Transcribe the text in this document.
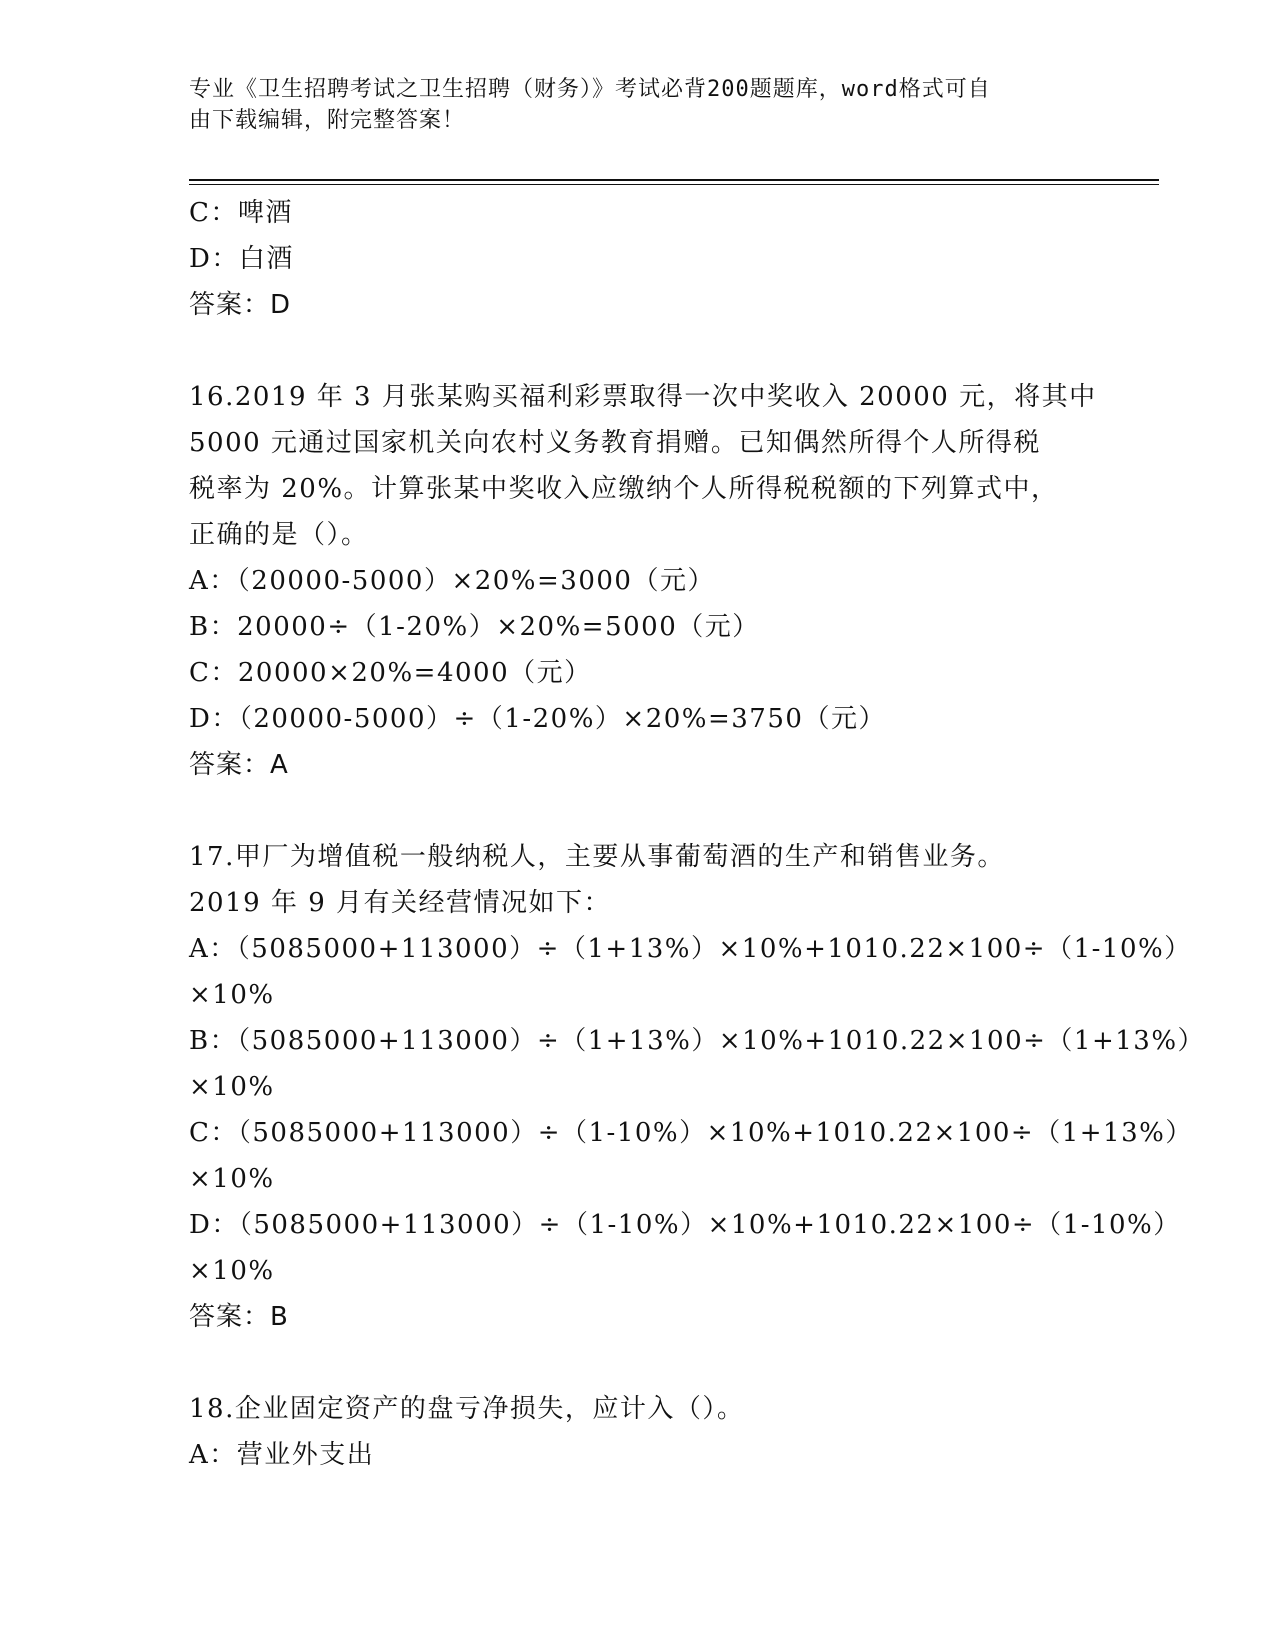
专业《卫生招聘考试之卫生招聘（财务）》考试必背200题题库，word格式可自
由下载编辑，附完整答案！
C：啤酒
D：白酒
答案：D
16.2019 年 3 月张某购买福利彩票取得一次中奖收入 20000 元，将其中
5000 元通过国家机关向农村义务教育捐赠。已知偶然所得个人所得税
税率为 20%。计算张某中奖收入应缴纳个人所得税税额的下列算式中，
正确的是（）。
A：（20000-5000）×20%=3000（元）
B：20000÷（1-20%）×20%=5000（元）
C：20000×20%=4000（元）
D：（20000-5000）÷（1-20%）×20%=3750（元）
答案：A
17.甲厂为增值税一般纳税人，主要从事葡萄酒的生产和销售业务。
2019 年 9 月有关经营情况如下：
A：（5085000+113000）÷（1+13%）×10%+1010.22×100÷（1-10%）
×10%
B：（5085000+113000）÷（1+13%）×10%+1010.22×100÷（1+13%）
×10%
C：（5085000+113000）÷（1-10%）×10%+1010.22×100÷（1+13%）
×10%
D：（5085000+113000）÷（1-10%）×10%+1010.22×100÷（1-10%）
×10%
答案：B
18.企业固定资产的盘亏净损失，应计入（）。
A：营业外支出
